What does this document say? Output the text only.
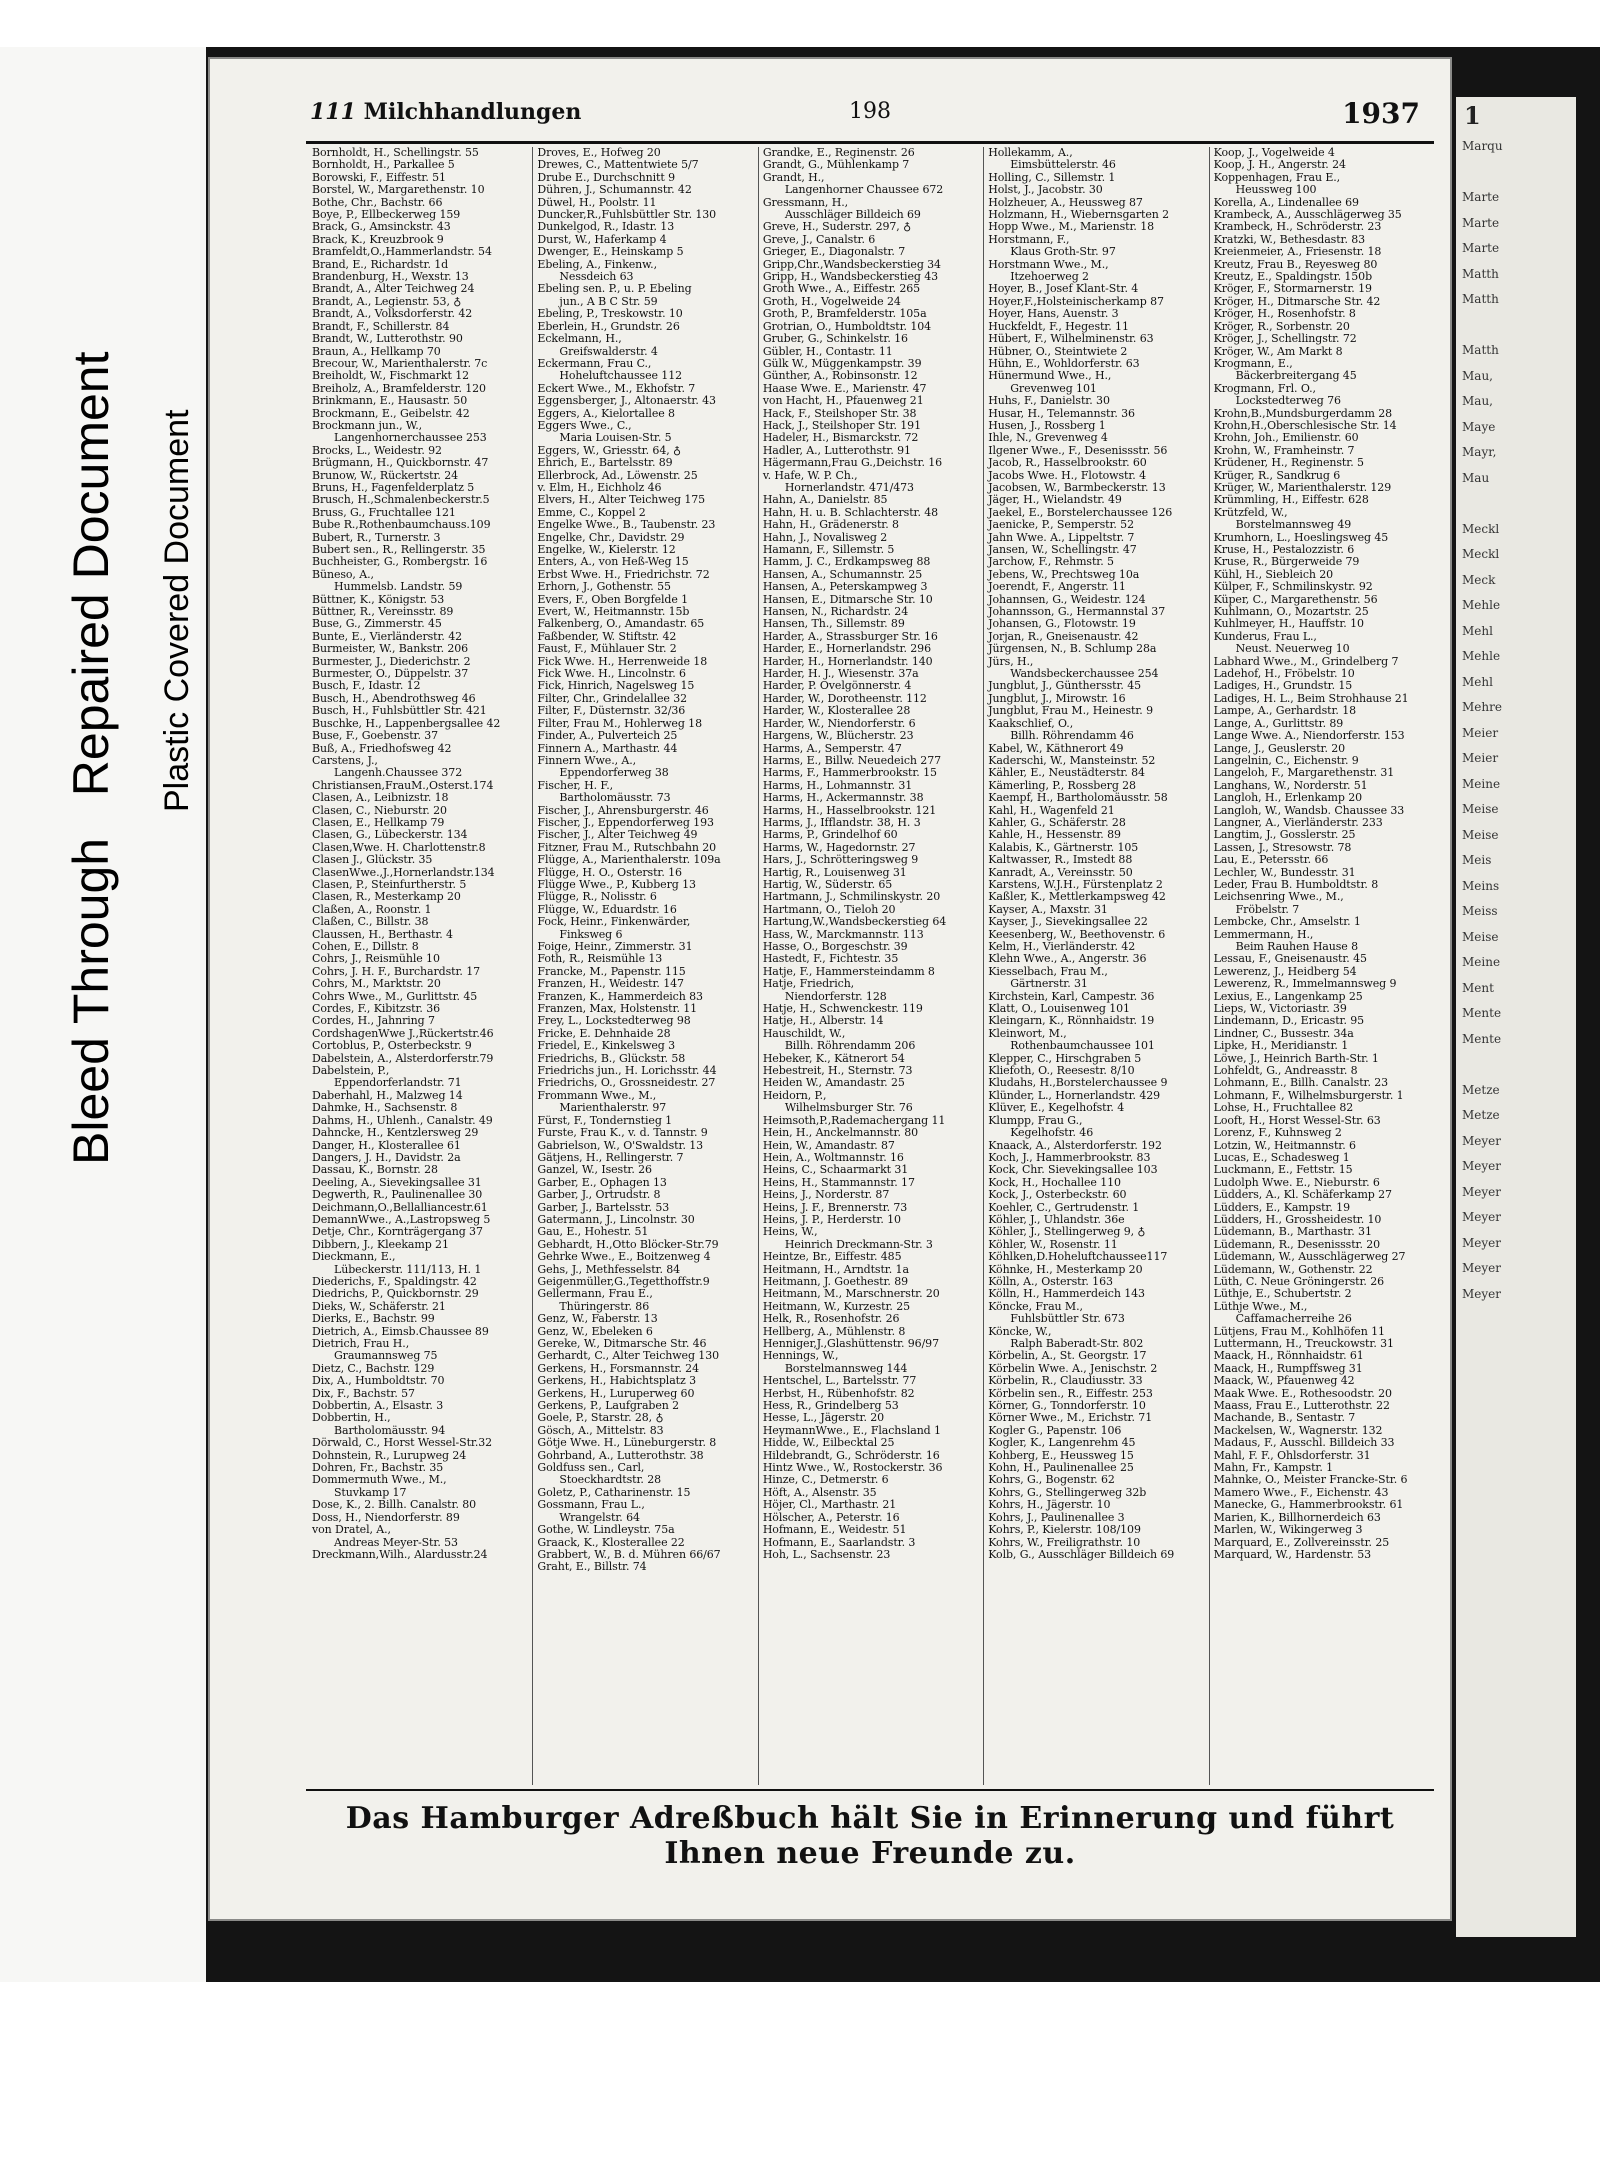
1
Marqu

Marte
Marte
Marte
Matth
Matth

Matth
Mau,
Mau,
Maye
Mayr,
Mau

Meckl
Meckl
Meck
Mehle
Mehl
Mehle
Mehl
Mehre
Meier
Meier
Meine
Meise
Meise
Meis
Meins
Meiss
Meise
Meine
Ment
Mente
Mente

Metze
Metze
Meyer
Meyer
Meyer
Meyer
Meyer
Meyer
Meyer
111 Milchhandlungen	198	1937
Bornholdt, H., Schellingstr. 55
Bornholdt, H., Parkallee 5
Borowski, F., Eiffestr. 51
Borstel, W., Margarethenstr. 10
Bothe, Chr., Bachstr. 66
Boye, P., Ellbeckerweg 159
Brack, G., Amsinckstr. 43
Brack, K., Kreuzbrook 9
Bramfeldt,O.,Hammerlandstr. 54
Brand, E., Richardstr. 1d
Brandenburg, H., Wexstr. 13
Brandt, A., Alter Teichweg 24
Brandt, A., Legienstr. 53, ♁
Brandt, A., Volksdorferstr. 42
Brandt, F., Schillerstr. 84
Brandt, W., Lutterothstr. 90
Braun, A., Hellkamp 70
Brecour, W., Marienthalerstr. 7c
Breiholdt, W., Fischmarkt 12
Breiholz, A., Bramfelderstr. 120
Brinkmann, E., Hausastr. 50
Brockmann, E., Geibelstr. 42
Brockmann jun., W.,
Langenhornerchaussee 253
Brocks, L., Weidestr. 92
Brügmann, H., Quickbornstr. 47
Brunow, W., Rückertstr. 24
Bruns, H., Fagenfelderplatz 5
Brusch, H.,Schmalenbeckerstr.5
Bruss, G., Fruchtallee 121
Bube R.,Rothenbaumchauss.109
Bubert, R., Turnerstr. 3
Bubert sen., R., Rellingerstr. 35
Buchheister, G., Rombergstr. 16
Büneso, A.,
Hummelsb. Landstr. 59
Büttner, K., Königstr. 53
Büttner, R., Vereinsstr. 89
Buse, G., Zimmerstr. 45
Bunte, E., Vierländerstr. 42
Burmeister, W., Bankstr. 206
Burmester, J., Diederichstr. 2
Burmester, O., Düppelstr. 37
Busch, F., Idastr. 12
Busch, H., Abendrothsweg 46
Busch, H., Fuhlsbüttler Str. 421
Buschke, H., Lappenbergsallee 42
Buse, F., Goebenstr. 37
Buß, A., Friedhofsweg 42
Carstens, J.,
Langenh.Chaussee 372
Christiansen,FrauM.,Osterst.174
Clasen, A., Leibnizstr. 18
Clasen, C., Nieburstr. 20
Clasen, E., Hellkamp 79
Clasen, G., Lübeckerstr. 134
Clasen,Wwe. H. Charlottenstr.8
Clasen J., Glückstr. 35
ClasenWwe.,J.,Hornerlandstr.134
Clasen, P., Steinfurtherstr. 5
Clasen, R., Mesterkamp 20
Claßen, A., Roonstr. 1
Claßen, C., Billstr. 38
Claussen, H., Berthastr. 4
Cohen, E., Dillstr. 8
Cohrs, J., Reismühle 10
Cohrs, J. H. F., Burchardstr. 17
Cohrs, M., Marktstr. 20
Cohrs Wwe., M., Gurlittstr. 45
Cordes, F., Kibitzstr. 36
Cordes, H., Jahnring 7
CordshagenWwe J.,Rückertstr.46
Cortoblus, P., Osterbeckstr. 9
Dabelstein, A., Alsterdorferstr.79
Dabelstein, P.,
Eppendorferlandstr. 71
Daberhahl, H., Malzweg 14
Dahmke, H., Sachsenstr. 8
Dahms, H., Uhlenh., Canalstr. 49
Dahncke, H., Kentzlersweg 29
Danger, H., Klosterallee 61
Dangers, J. H., Davidstr. 2a
Dassau, K., Bornstr. 28
Deeling, A., Sievekingsallee 31
Degwerth, R., Paulinenallee 30
Deichmann,O.,Bellalliancestr.61
DemannWwe., A.,Lastropsweg 5
Detje, Chr., Kornträgergang 37
Dibbern, J., Kleekamp 21
Dieckmann, E.,
Lübeckerstr. 111/113, H. 1
Diederichs, F., Spaldingstr. 42
Diedrichs, P., Quickbornstr. 29
Dieks, W., Schäferstr. 21
Dierks, E., Bachstr. 99
Dietrich, A., Eimsb.Chaussee 89
Dietrich, Frau H.,
Graumannsweg 75
Dietz, C., Bachstr. 129
Dix, A., Humboldtstr. 70
Dix, F., Bachstr. 57
Dobbertin, A., Elsastr. 3
Dobbertin, H.,
Bartholomäusstr. 94
Dörwald, C., Horst Wessel-Str.32
Dohnstein, R., Lurupweg 24
Dohren, Fr., Bachstr. 35
Dommermuth Wwe., M.,
Stuvkamp 17
Dose, K., 2. Billh. Canalstr. 80
Doss, H., Niendorferstr. 89
von Dratel, A.,
Andreas Meyer-Str. 53
Dreckmann,Wilh., Alardusstr.24
Droves, E., Hofweg 20
Drewes, C., Mattentwiete 5/7
Drube E., Durchschnitt 9
Dühren, J., Schumannstr. 42
Düwel, H., Poolstr. 11
Duncker,R.,Fuhlsbüttler Str. 130
Dunkelgod, R., Idastr. 13
Durst, W., Haferkamp 4
Dwenger, E., Heinskamp 5
Ebeling, A., Finkenw.,
Nessdeich 63
Ebeling sen. P., u. P. Ebeling
jun., A B C Str. 59
Ebeling, P., Treskowstr. 10
Eberlein, H., Grundstr. 26
Eckelmann, H.,
Greifswalderstr. 4
Eckermann, Frau C.,
Hoheluftchaussee 112
Eckert Wwe., M., Ekhofstr. 7
Eggensberger, J., Altonaerstr. 43
Eggers, A., Kielortallee 8
Eggers Wwe., C.,
Maria Louisen-Str. 5
Eggers, W., Griesstr. 64, ♁
Ehrich, E., Bartelsstr. 89
Ellerbrock, Ad., Löwenstr. 25
v. Elm, H., Eichholz 46
Elvers, H., Alter Teichweg 175
Emme, C., Koppel 2
Engelke Wwe., B., Taubenstr. 23
Engelke, Chr., Davidstr. 29
Engelke, W., Kielerstr. 12
Enters, A., von Heß-Weg 15
Erbst Wwe. H., Friedrichstr. 72
Erhorn, J., Gothenstr. 55
Evers, F., Oben Borgfelde 1
Evert, W., Heitmannstr. 15b
Falkenberg, O., Amandastr. 65
Faßbender, W. Stiftstr. 42
Faust, F., Mühlauer Str. 2
Fick Wwe. H., Herrenweide 18
Fick Wwe. H., Lincolnstr. 6
Fick, Hinrich, Nagelsweg 15
Filter, Chr., Grindelallee 32
Filter, F., Düsternstr. 32/36
Filter, Frau M., Hohlerweg 18
Finder, A., Pulverteich 25
Finnern A., Marthastr. 44
Finnern Wwe., A.,
Eppendorferweg 38
Fischer, H. F.,
Bartholomäusstr. 73
Fischer, J., Ahrensburgerstr. 46
Fischer, J., Eppendorferweg 193
Fischer, J., Alter Teichweg 49
Fitzner, Frau M., Rutschbahn 20
Flügge, A., Marienthalerstr. 109a
Flügge, H. O., Osterstr. 16
Flügge Wwe., P., Kubberg 13
Flügge, R., Nolisstr. 6
Flügge, W., Eduardstr. 16
Fock, Heinr., Finkenwärder,
Finksweg 6
Foige, Heinr., Zimmerstr. 31
Foth, R., Reismühle 13
Francke, M., Papenstr. 115
Franzen, H., Weidestr. 147
Franzen, K., Hammerdeich 83
Franzen, Max, Holstenstr. 11
Frey, L., Lockstedterweg 98
Fricke, E. Dehnhaide 28
Friedel, E., Kinkelsweg 3
Friedrichs, B., Glückstr. 58
Friedrichs jun., H. Lorichsstr. 44
Friedrichs, O., Grossneidestr. 27
Frommann Wwe., M.,
Marienthalerstr. 97
Fürst, F., Tondernstieg 1
Furste, Frau K., v. d. Tannstr. 9
Gabrielson, W., O'Swaldstr. 13
Gätjens, H., Rellingerstr. 7
Ganzel, W., Isestr. 26
Garber, E., Ophagen 13
Garber, J., Ortrudstr. 8
Garber, J., Bartelsstr. 53
Gatermann, J., Lincolnstr. 30
Gau, E., Hohestr. 51
Gebhardt, H.,Otto Blöcker-Str.79
Gehrke Wwe., E., Boitzenweg 4
Gehs, J., Methfesselstr. 84
Geigenmüller,G.,Tegetthoffstr.9
Gellermann, Frau E.,
Thüringerstr. 86
Genz, W., Faberstr. 13
Genz, W., Ebeleken 6
Gereke, W., Ditmarsche Str. 46
Gerhardt, C., Alter Teichweg 130
Gerkens, H., Forsmannstr. 24
Gerkens, H., Habichtsplatz 3
Gerkens, H., Luruperweg 60
Gerkens, P., Laufgraben 2
Goele, P., Starstr. 28, ♁
Gösch, A., Mittelstr. 83
Götje Wwe. H., Lüneburgerstr. 8
Gohrband, A., Lutterothstr. 38
Goldfuss sen., Carl,
Stoeckhardtstr. 28
Goletz, P., Catharinenstr. 15
Gossmann, Frau L.,
Wrangelstr. 64
Gothe, W. Lindleystr. 75a
Graack, K., Klosterallee 22
Grabbert, W., B. d. Mühren 66/67
Graht, E., Billstr. 74
Grandke, E., Reginenstr. 26
Grandt, G., Mühlenkamp 7
Grandt, H.,
Langenhorner Chaussee 672
Gressmann, H.,
Ausschläger Billdeich 69
Greve, H., Suderstr. 297, ♁
Greve, J., Canalstr. 6
Grieger, E., Diagonalstr. 7
Gripp,Chr.,Wandsbeckerstieg 34
Gripp, H., Wandsbeckerstieg 43
Groth Wwe., A., Eiffestr. 265
Groth, H., Vogelweide 24
Groth, P., Bramfelderstr. 105a
Grotrian, O., Humboldtstr. 104
Gruber, G., Schinkelstr. 16
Gübler, H., Contastr. 11
Gülk W., Müggenkampstr. 39
Günther, A., Robinsonstr. 12
Haase Wwe. E., Marienstr. 47
von Hacht, H., Pfauenweg 21
Hack, F., Steilshoper Str. 38
Hack, J., Steilshoper Str. 191
Hadeler, H., Bismarckstr. 72
Hadler, A., Lutterothstr. 91
Hägermann,Frau G.,Deichstr. 16
v. Hafe, W. P. Ch.,
Hornerlandstr. 471/473
Hahn, A., Danielstr. 85
Hahn, H. u. B. Schlachterstr. 48
Hahn, H., Grädenerstr. 8
Hahn, J., Novalisweg 2
Hamann, F., Sillemstr. 5
Hamm, J. C., Erdkampsweg 88
Hansen, A., Schumannstr. 25
Hansen, A., Peterskampweg 3
Hansen, E., Ditmarsche Str. 10
Hansen, N., Richardstr. 24
Hansen, Th., Sillemstr. 89
Harder, A., Strassburger Str. 16
Harder, E., Hornerlandstr. 296
Harder, H., Hornerlandstr. 140
Harder, H. J., Wiesenstr. 37a
Harder, P. Ovelgönnerstr. 4
Harder, W., Dorotheenstr. 112
Harder, W., Klosterallee 28
Harder, W., Niendorferstr. 6
Hargens, W., Blücherstr. 23
Harms, A., Semperstr. 47
Harms, E., Billw. Neuedeich 277
Harms, F., Hammerbrookstr. 15
Harms, H., Lohmannstr. 31
Harms, H., Ackermannstr. 38
Harms, H., Hasselbrookstr. 121
Harms, J., Ifflandstr. 38, H. 3
Harms, P., Grindelhof 60
Harms, W., Hagedornstr. 27
Hars, J., Schrötteringsweg 9
Hartig, R., Louisenweg 31
Hartig, W., Süderstr. 65
Hartmann, J., Schmilinskystr. 20
Hartmann, O., Tieloh 20
Hartung,W.,Wandsbeckerstieg 64
Hass, W., Marckmannstr. 113
Hasse, O., Borgeschstr. 39
Hastedt, F., Fichtestr. 35
Hatje, F., Hammersteindamm 8
Hatje, Friedrich,
Niendorferstr. 128
Hatje, H., Schwenckestr. 119
Hatje, H., Alberstr. 14
Hauschildt, W.,
Billh. Röhrendamm 206
Hebeker, K., Kätnerort 54
Hebestreit, H., Sternstr. 73
Heiden W., Amandastr. 25
Heidorn, P.,
Wilhelmsburger Str. 76
Heimsoth,P.,Rademachergang 11
Hein, H., Anckelmannstr. 80
Hein, W., Amandastr. 87
Hein, A., Woltmannstr. 16
Heins, C., Schaarmarkt 31
Heins, H., Stammannstr. 17
Heins, J., Norderstr. 87
Heins, J. F., Brennerstr. 73
Heins, J. P., Herderstr. 10
Heins, W.,
Heinrich Dreckmann-Str. 3
Heintze, Br., Eiffestr. 485
Heitmann, H., Arndtstr. 1a
Heitmann, J. Goethestr. 89
Heitmann, M., Marschnerstr. 20
Heitmann, W., Kurzestr. 25
Helk, R., Rosenhofstr. 26
Hellberg, A., Mühlenstr. 8
Henniger,J.,Glashüttenstr. 96/97
Hennings, W.,
Borstelmannsweg 144
Hentschel, L., Bartelsstr. 77
Herbst, H., Rübenhofstr. 82
Hess, R., Grindelberg 53
Hesse, L., Jägerstr. 20
HeymannWwe., E., Flachsland 1
Hidde, W., Eilbecktal 25
Hildebrandt, G., Schröderstr. 16
Hintz Wwe., W., Rostockerstr. 36
Hinze, C., Detmerstr. 6
Höft, A., Alsenstr. 35
Höjer, Cl., Marthastr. 21
Hölscher, A., Peterstr. 16
Hofmann, E., Weidestr. 51
Hofmann, E., Saarlandstr. 3
Hoh, L., Sachsenstr. 23
Hollekamm, A.,
Eimsbüttelerstr. 46
Holling, C., Sillemstr. 1
Holst, J., Jacobstr. 30
Holzheuer, A., Heussweg 87
Holzmann, H., Wiebernsgarten 2
Hopp Wwe., M., Marienstr. 18
Horstmann, F.,
Klaus Groth-Str. 97
Horstmann Wwe., M.,
Itzehoerweg 2
Hoyer, B., Josef Klant-Str. 4
Hoyer,F.,Holsteinischerkamp 87
Hoyer, Hans, Auenstr. 3
Huckfeldt, F., Hegestr. 11
Hübert, F., Wilhelminenstr. 63
Hübner, O., Steintwiete 2
Hühn, E., Wohldorferstr. 63
Hünermund Wwe., H.,
Grevenweg 101
Huhs, F., Danielstr. 30
Husar, H., Telemannstr. 36
Husen, J., Rossberg 1
Ihle, N., Grevenweg 4
Ilgener Wwe., F., Desenissstr. 56
Jacob, R., Hasselbrookstr. 60
Jacobs Wwe. H., Flotowstr. 4
Jacobsen, W., Barmbeckerstr. 13
Jäger, H., Wielandstr. 49
Jaekel, E., Borstelerchaussee 126
Jaenicke, P., Semperstr. 52
Jahn Wwe. A., Lippeltstr. 7
Jansen, W., Schellingstr. 47
Jarchow, F., Rehmstr. 5
Jebens, W., Prechtsweg 10a
Joerendt, F., Angerstr. 11
Johannsen, G., Weidestr. 124
Johannsson, G., Hermannstal 37
Johansen, G., Flotowstr. 19
Jorjan, R., Gneisenaustr. 42
Jürgensen, N., B. Schlump 28a
Jürs, H.,
Wandsbeckerchaussee 254
Jungblut, J., Günthersstr. 45
Jungblut, J., Mirowstr. 16
Jungblut, Frau M., Heinestr. 9
Kaakschlief, O.,
Billh. Röhrendamm 46
Kabel, W., Käthnerort 49
Kaderschi, W., Mansteinstr. 52
Kähler, E., Neustädterstr. 84
Kämerling, P., Rossberg 28
Kaempf, H., Bartholomäusstr. 58
Kahl, H., Wagenfeld 21
Kahler, G., Schäferstr. 28
Kahle, H., Hessenstr. 89
Kalabis, K., Gärtnerstr. 105
Kaltwasser, R., Imstedt 88
Kanradt, A., Vereinsstr. 50
Karstens, W.J.H., Fürstenplatz 2
Kaßler, K., Mettlerkampsweg 42
Kayser, A., Maxstr. 31
Kayser, J., Sievekingsallee 22
Keesenberg, W., Beethovenstr. 6
Kelm, H., Vierländerstr. 42
Klehn Wwe., A., Angerstr. 36
Kiesselbach, Frau M.,
Gärtnerstr. 31
Kirchstein, Karl, Campestr. 36
Klatt, O., Louisenweg 101
Kleingarn, K., Rönnhaidstr. 19
Kleinwort, M.,
Rothenbaumchaussee 101
Klepper, C., Hirschgraben 5
Kliefoth, O., Reesestr. 8/10
Kludahs, H.,Borstelerchaussee 9
Klünder, L., Hornerlandstr. 429
Klüver, E., Kegelhofstr. 4
Klumpp, Frau G.,
Kegelhofstr. 46
Knaack, A., Alsterdorferstr. 192
Koch, J., Hammerbrookstr. 83
Kock, Chr. Sievekingsallee 103
Kock, H., Hochallee 110
Kock, J., Osterbeckstr. 60
Koehler, C., Gertrudenstr. 1
Köhler, J., Uhlandstr. 36e
Köhler, J., Stellingerweg 9, ♁
Köhler, W., Rosenstr. 11
Köhlken,D.Hoheluftchaussee117
Köhnke, H., Mesterkamp 20
Kölln, A., Osterstr. 163
Kölln, H., Hammerdeich 143
Köncke, Frau M.,
Fuhlsbüttler Str. 673
Köncke, W.,
Ralph Baberadt-Str. 802
Körbelin, A., St. Georgstr. 17
Körbelin Wwe. A., Jenischstr. 2
Körbelin, R., Claudiusstr. 33
Körbelin sen., R., Eiffestr. 253
Körner, G., Tonndorferstr. 10
Körner Wwe., M., Erichstr. 71
Kogler G., Papenstr. 106
Kogler, K., Langenrehm 45
Kohberg, E., Heussweg 15
Kohn, H., Paulinenallee 25
Kohrs, G., Bogenstr. 62
Kohrs, G., Stellingerweg 32b
Kohrs, H., Jägerstr. 10
Kohrs, J., Paulinenallee 3
Kohrs, P., Kielerstr. 108/109
Kohrs, W., Freiligrathstr. 10
Kolb, G., Ausschläger Billdeich 69
Koop, J., Vogelweide 4
Koop, J. H., Angerstr. 24
Koppenhagen, Frau E.,
Heussweg 100
Korella, A., Lindenallee 69
Krambeck, A., Ausschlägerweg 35
Krambeck, H., Schröderstr. 23
Kratzki, W., Bethesdastr. 83
Kreienmeier, A., Friesenstr. 18
Kreutz, Frau B., Reyesweg 80
Kreutz, E., Spaldingstr. 150b
Kröger, F., Stormarnerstr. 19
Kröger, H., Ditmarsche Str. 42
Kröger, H., Rosenhofstr. 8
Kröger, R., Sorbenstr. 20
Kröger, J., Schellingstr. 72
Kröger, W., Am Markt 8
Krogmann, E.,
Bäckerbreitergang 45
Krogmann, Frl. O.,
Lockstedterweg 76
Krohn,B.,Mundsburgerdamm 28
Krohn,H.,Oberschlesische Str. 14
Krohn, Joh., Emilienstr. 60
Krohn, W., Framheinstr. 7
Krüdener, H., Reginenstr. 5
Krüger, R., Sandkrug 6
Krüger, W., Marienthalerstr. 129
Krümmling, H., Eiffestr. 628
Krützfeld, W.,
Borstelmannsweg 49
Krumhorn, L., Hoeslingsweg 45
Kruse, H., Pestalozzistr. 6
Kruse, R., Bürgerweide 79
Kühl, H., Siebleich 20
Külper, F., Schmilinskystr. 92
Küper, C., Margarethenstr. 56
Kuhlmann, O., Mozartstr. 25
Kuhlmeyer, H., Hauffstr. 10
Kunderus, Frau L.,
Neust. Neuerweg 10
Labhard Wwe., M., Grindelberg 7
Ladehof, H., Fröbelstr. 10
Ladiges, H., Grundstr. 15
Ladiges, H. L., Beim Strohhause 21
Lampe, A., Gerhardstr. 18
Lange, A., Gurlittstr. 89
Lange Wwe. A., Niendorferstr. 153
Lange, J., Geuslerstr. 20
Langelnin, C., Eichenstr. 9
Langeloh, F., Margarethenstr. 31
Langhans, W., Norderstr. 51
Langloh, H., Erlenkamp 20
Langloh, W., Wandsb. Chaussee 33
Langner, A., Vierländerstr. 233
Langtim, J., Gosslerstr. 25
Lassen, J., Stresowstr. 78
Lau, E., Petersstr. 66
Lechler, W., Bundesstr. 31
Leder, Frau B. Humboldtstr. 8
Leichsenring Wwe., M.,
Fröbelstr. 7
Lembcke, Chr., Amselstr. 1
Lemmermann, H.,
Beim Rauhen Hause 8
Lessau, F., Gneisenaustr. 45
Lewerenz, J., Heidberg 54
Lewerenz, R., Immelmannsweg 9
Lexius, E., Langenkamp 25
Lieps, W., Victoriastr. 39
Lindemann, D., Ericastr. 95
Lindner, C., Bussestr. 34a
Lipke, H., Meridianstr. 1
Löwe, J., Heinrich Barth-Str. 1
Lohfeldt, G., Andreasstr. 8
Lohmann, E., Billh. Canalstr. 23
Lohmann, F., Wilhelmsburgerstr. 1
Lohse, H., Fruchtallee 82
Looft, H., Horst Wessel-Str. 63
Lorenz, F., Kuhnsweg 2
Lotzin, W., Heitmannstr. 6
Lucas, E., Schadesweg 1
Luckmann, E., Fettstr. 15
Ludolph Wwe. E., Nieburstr. 6
Lüdders, A., Kl. Schäferkamp 27
Lüdders, E., Kampstr. 19
Lüdders, H., Grossheidestr. 10
Lüdemann, B., Marthastr. 31
Lüdemann, R., Desenissstr. 20
Lüdemann, W., Ausschlägerweg 27
Lüdemann, W., Gothenstr. 22
Lüth, C. Neue Gröningerstr. 26
Lüthje, E., Schubertstr. 2
Lüthje Wwe., M.,
Caffamacherreihe 26
Lütjens, Frau M., Kohlhöfen 11
Luttermann, H., Treuckowstr. 31
Maack, H., Rönnhaidstr. 61
Maack, H., Rumpffsweg 31
Maack, W., Pfauenweg 42
Maak Wwe. E., Rothesoodstr. 20
Maass, Frau E., Lutterothstr. 22
Machande, B., Sentastr. 7
Mackelsen, W., Wagnerstr. 132
Madaus, F., Ausschl. Billdeich 33
Mahl, F. F., Ohlsdorferstr. 31
Mahn, Fr., Kampstr. 1
Mahnke, O., Meister Francke-Str. 6
Mamero Wwe., F., Eichenstr. 43
Manecke, G., Hammerbrookstr. 61
Marien, K., Billhornerdeich 63
Marlen, W., Wikingerweg 3
Marquard, E., Zollvereinsstr. 25
Marquard, W., Hardenstr. 53
Das Hamburger Adreßbuch hält Sie in Erinnerung und führt Ihnen neue Freunde zu.
Bleed Through   Repaired Document Plastic Covered Document
